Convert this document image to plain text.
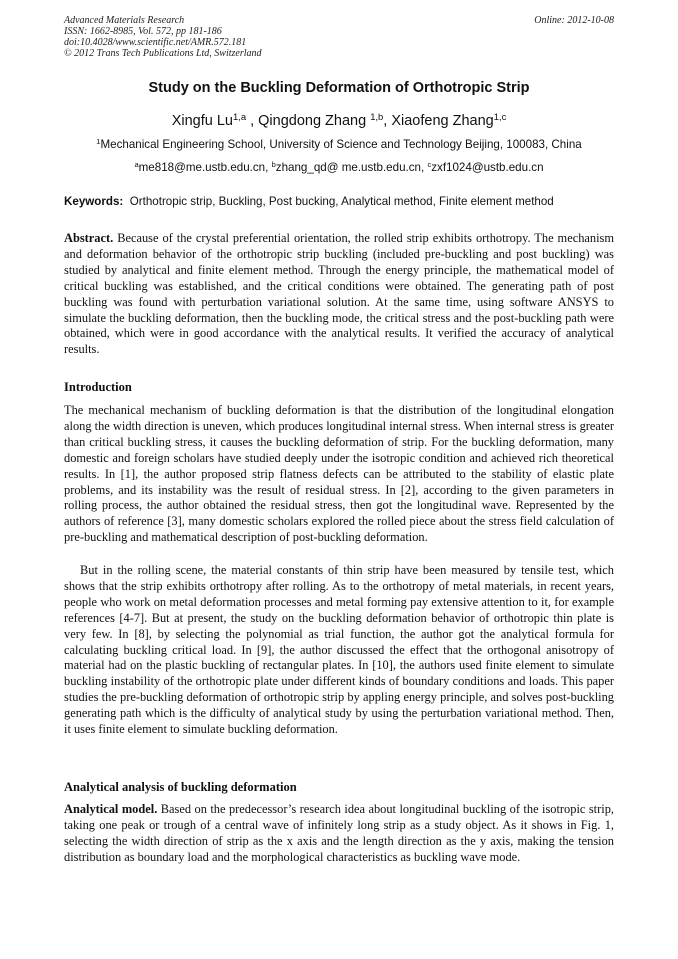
Advanced Materials Research
ISSN: 1662-8985, Vol. 572, pp 181-186
doi:10.4028/www.scientific.net/AMR.572.181
© 2012 Trans Tech Publications Ltd, Switzerland
Online: 2012-10-08
Study on the Buckling Deformation of Orthotropic Strip
Xingfu Lu$^{1,a}$ , Qingdong Zhang $^{1,b}$, Xiaofeng Zhang$^{1,c}$
$^1$Mechanical Engineering School, University of Science and Technology Beijing, 100083, China
$^a$me818@me.ustb.edu.cn, $^b$zhang_qd@ me.ustb.edu.cn, $^c$zxf1024@ustb.edu.cn
Keywords: Orthotropic strip, Buckling, Post bucking, Analytical method, Finite element method
Abstract. Because of the crystal preferential orientation, the rolled strip exhibits orthotropy. The mechanism and deformation behavior of the orthotropic strip buckling (included pre-buckling and post buckling) was studied by analytical and finite element method. Through the energy principle, the mathematical model of critical buckling was established, and the critical conditions were obtained. The generating path of post buckling was found with perturbation variational solution. At the same time, using software ANSYS to simulate the buckling deformation, then the buckling mode, the critical stress and the post-buckling path were obtained, which were in good accordance with the analytical results. It verified the accuracy of analytical results.
Introduction
The mechanical mechanism of buckling deformation is that the distribution of the longitudinal elongation along the width direction is uneven, which produces longitudinal internal stress. When internal stress is greater than critical buckling stress, it causes the buckling deformation of strip. For the buckling deformation, many domestic and foreign scholars have studied deeply under the isotropic condition and achieved rich theoretical results. In [1], the author proposed strip flatness defects can be attributed to the stability of elastic plate problems, and its instability was the result of residual stress. In [2], according to the given parameters in rolling process, the author obtained the residual stress, then got the longitudinal wave. Represented by the authors of reference [3], many domestic scholars explored the rolled piece about the stress field calculation of pre-buckling and mathematical description of post-buckling deformation.
But in the rolling scene, the material constants of thin strip have been measured by tensile test, which shows that the strip exhibits orthotropy after rolling. As to the orthotropy of metal materials, in recent years, people who work on metal deformation processes and metal forming pay extensive attention to it, for example references [4-7]. But at present, the study on the buckling deformation behavior of orthotropic thin plate is very few. In [8], by selecting the polynomial as trial function, the author got the analytical formula for calculating buckling critical load. In [9], the author discussed the effect that the orthogonal anisotropy of material had on the plastic buckling of rectangular plates. In [10], the authors used finite element to simulate buckling instability of the orthotropic plate under different kinds of boundary conditions and loads. This paper studies the pre-buckling deformation of orthotropic strip by appling energy principle, and solves post-buckling generating path which is the difficulty of analytical study by using the perturbation variational method. Then, it uses finite element to simulate buckling deformation.
Analytical analysis of buckling deformation
Analytical model. Based on the predecessor’s research idea about longitudinal buckling of the isotropic strip, taking one peak or trough of a central wave of infinitely long strip as a study object. As it shows in Fig. 1, selecting the width direction of strip as the x axis and the length direction as the y axis, making the tension distribution as boundary load and the morphological characteristics as buckling wave mode.
